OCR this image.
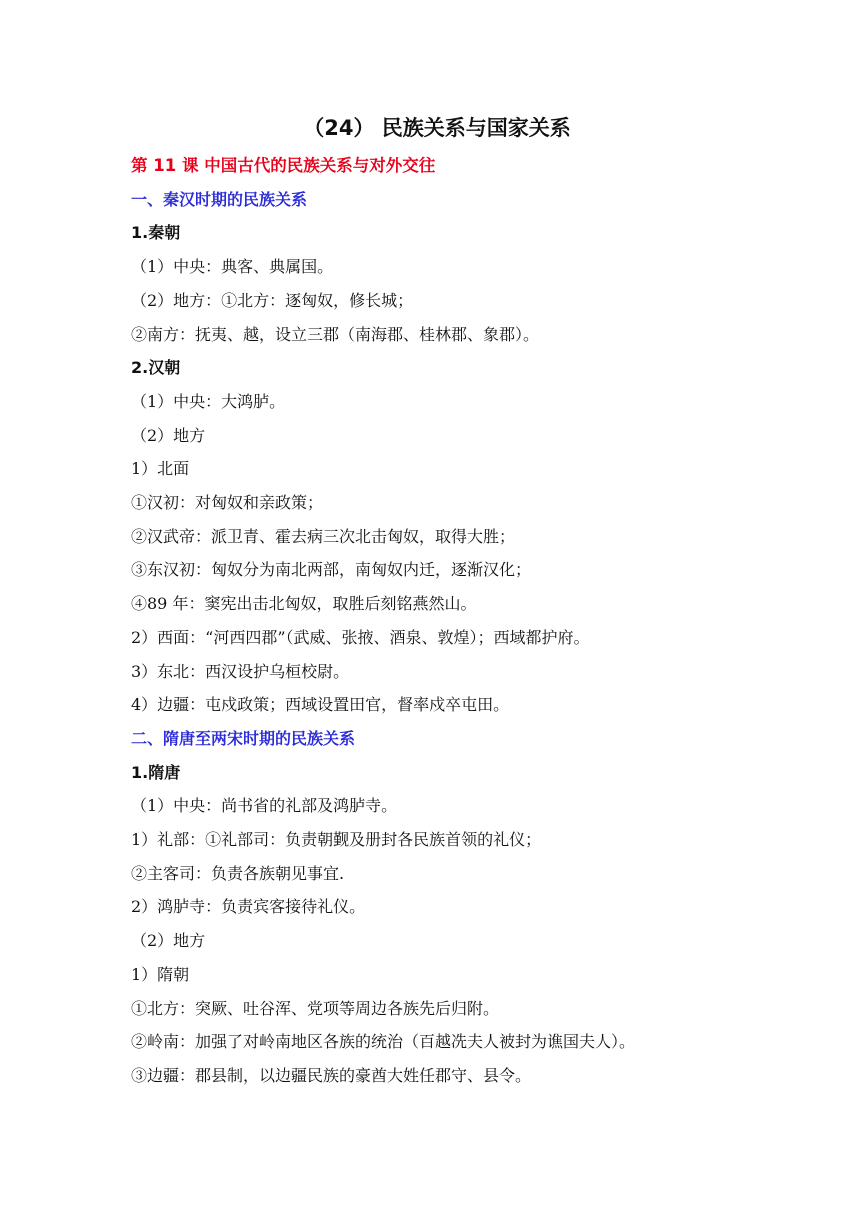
（24） 民族关系与国家关系
第 11 课 中国古代的民族关系与对外交往
一、秦汉时期的民族关系
1.秦朝
（1）中央：典客、典属国。
（2）地方：①北方：逐匈奴，修长城；
②南方：抚夷、越，设立三郡（南海郡、桂林郡、象郡）。
2.汉朝
（1）中央：大鸿胪。
（2）地方
1）北面
①汉初：对匈奴和亲政策；
②汉武帝：派卫青、霍去病三次北击匈奴，取得大胜；
③东汉初：匈奴分为南北两部，南匈奴内迁，逐渐汉化；
④89 年：窦宪出击北匈奴，取胜后刻铭燕然山。
2）西面：“河西四郡”（武威、张掖、酒泉、敦煌）；西域都护府。
3）东北：西汉设护乌桓校尉。
4）边疆：屯戍政策；西域设置田官，督率戍卒屯田。
二、隋唐至两宋时期的民族关系
1.隋唐
（1）中央：尚书省的礼部及鸿胪寺。
1）礼部：①礼部司：负责朝觐及册封各民族首领的礼仪；
②主客司：负责各族朝见事宜.
2）鸿胪寺：负责宾客接待礼仪。
（2）地方
1）隋朝
①北方：突厥、吐谷浑、党项等周边各族先后归附。
②岭南：加强了对岭南地区各族的统治（百越冼夫人被封为谯国夫人）。
③边疆：郡县制，以边疆民族的豪酋大姓任郡守、县令。
